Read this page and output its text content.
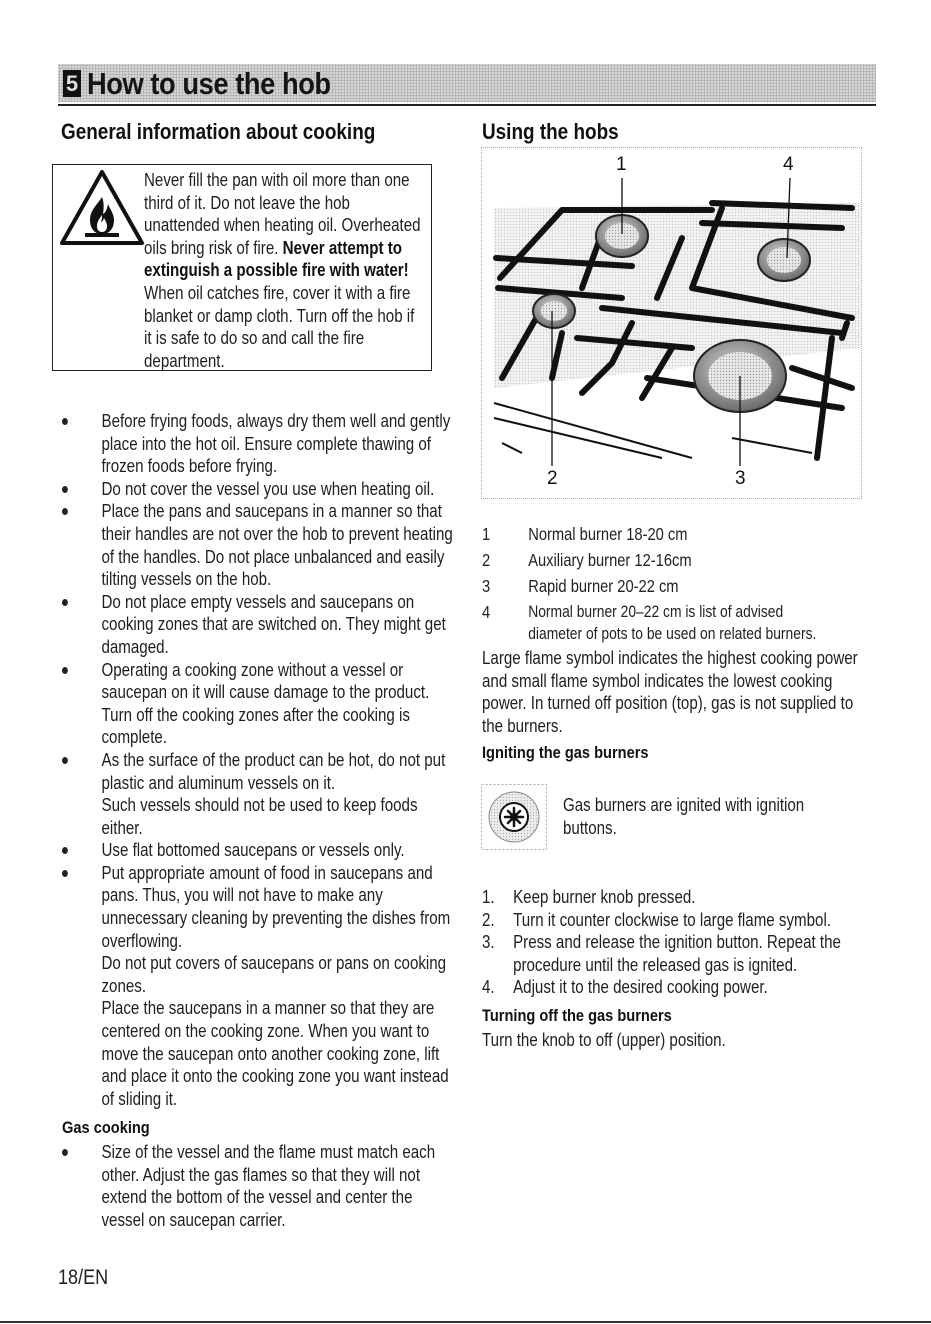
5 How to use the hob
General information about cooking
Never fill the pan with oil more than one third of it. Do not leave the hob unattended when heating oil. Overheated oils bring risk of fire. Never attempt to extinguish a possible fire with water! When oil catches fire, cover it with a fire blanket or damp cloth. Turn off the hob if it is safe to do so and call the fire department.

Before frying foods, always dry them well and gently place into the hot oil. Ensure complete thawing of frozen foods before frying.

Do not cover the vessel you use when heating oil.

Place the pans and saucepans in a manner so that their handles are not over the hob to prevent heating of the handles. Do not place unbalanced and easily tilting vessels on the hob.

Do not place empty vessels and saucepans on cooking zones that are switched on. They might get damaged.

Operating a cooking zone without a vessel or saucepan on it will cause damage to the product. Turn off the cooking zones after the cooking is complete.

As the surface of the product can be hot, do not put plastic and aluminum vessels on it.

Such vessels should not be used to keep foods either.

Use flat bottomed saucepans or vessels only.

Put appropriate amount of food in saucepans and pans. Thus, you will not have to make any unnecessary cleaning by preventing the dishes from overflowing.

Do not put covers of saucepans or pans on cooking zones.

Place the saucepans in a manner so that they are centered on the cooking zone. When you want to move the saucepan onto another cooking zone, lift and place it onto the cooking zone you want instead of sliding it.

Gas cooking

Size of the vessel and the flame must match each other. Adjust the gas flames so that they will not extend the bottom of the vessel and center the vessel on saucepan carrier.

Using the hobs
1
2	3
4
1 Normal burner 18-20 cm
2 Auxiliary burner 12-16cm
3 Rapid burner 20-22 cm
4 Normal burner 20–22 cm is list of advised
diameter of pots to be used on related burners.
Large flame symbol indicates the highest cooking power and small flame symbol indicates the lowest cooking power. In turned off position (top), gas is not supplied to the burners.
Igniting the gas burners
Gas burners are ignited with ignition buttons.
1. Keep burner knob pressed.
2. Turn it counter clockwise to large flame symbol.
3. Press and release the ignition button. Repeat the procedure until the released gas is ignited.
4. Adjust it to the desired cooking power.
Turning off the gas burners
Turn the knob to off (upper) position.
18/EN
